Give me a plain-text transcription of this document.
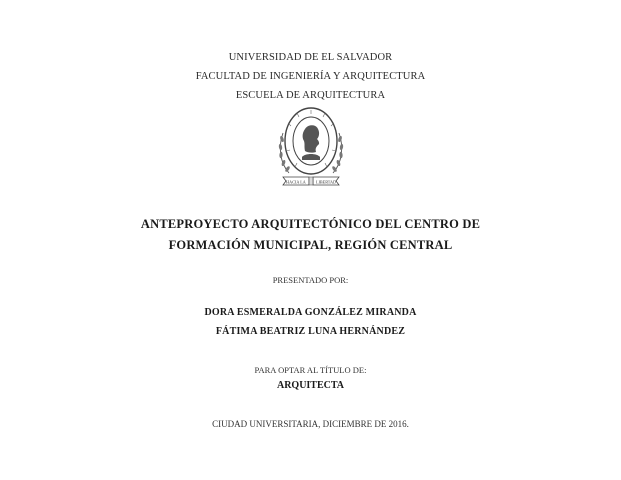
UNIVERSIDAD DE EL SALVADOR
FACULTAD DE INGENIERÍA Y ARQUITECTURA
ESCUELA DE ARQUITECTURA
HACIA LA LIBERTAD
ANTEPROYECTO ARQUITECTÓNICO DEL CENTRO DE
FORMACIÓN MUNICIPAL, REGIÓN CENTRAL
PRESENTADO POR:
DORA ESMERALDA GONZÁLEZ MIRANDA
FÁTIMA BEATRIZ LUNA HERNÁNDEZ
PARA OPTAR AL TÍTULO DE:
ARQUITECTA
CIUDAD UNIVERSITARIA, DICIEMBRE DE 2016.
